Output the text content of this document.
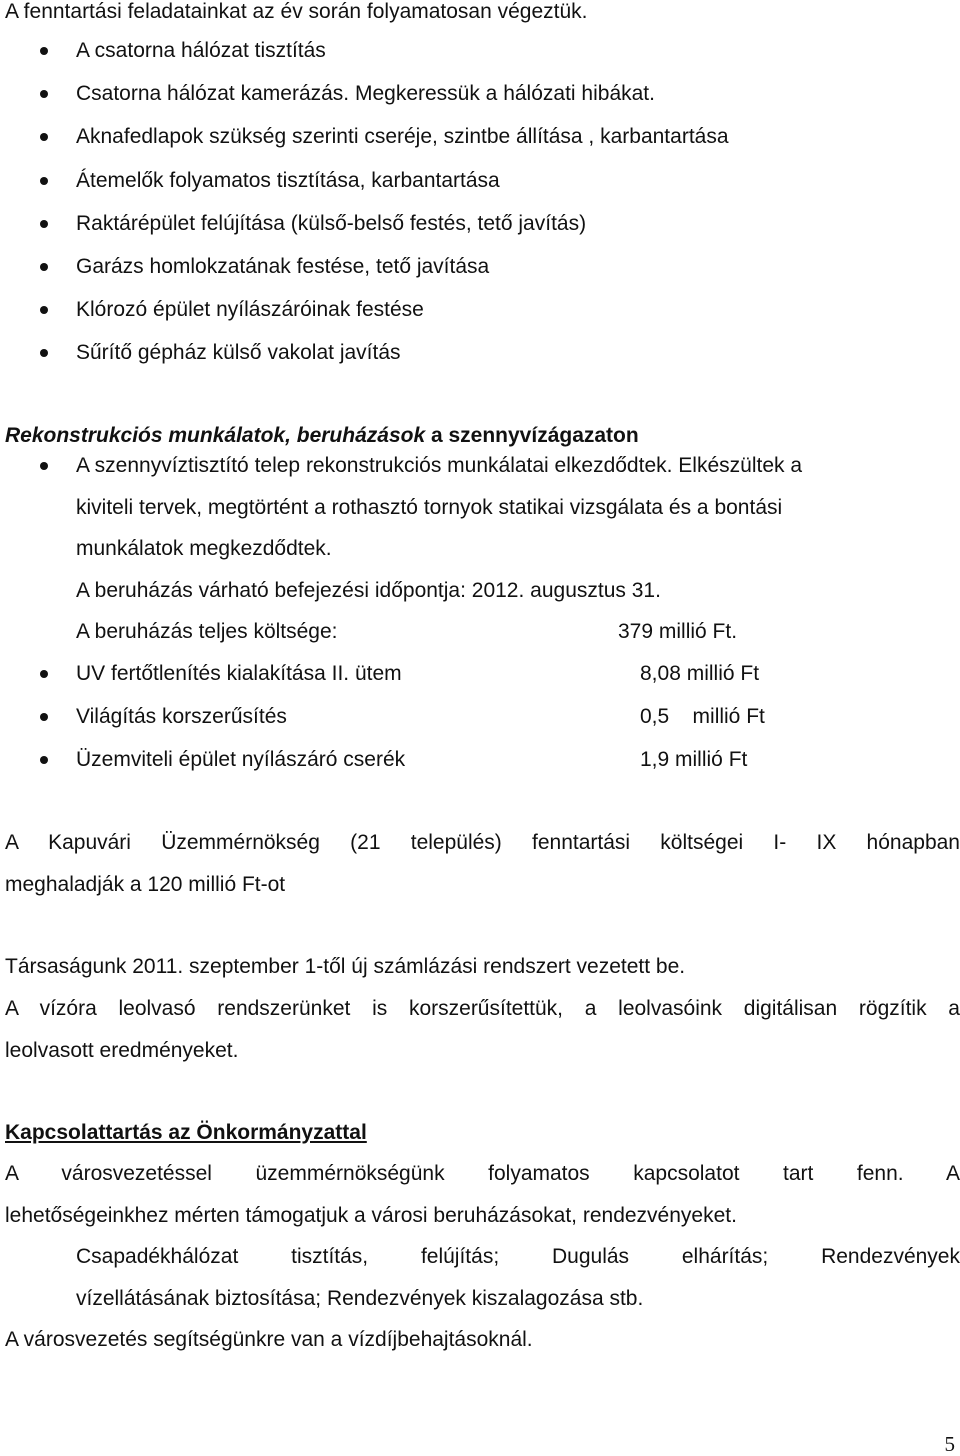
A fenntartási feladatainkat az év során folyamatosan végeztük.
A csatorna hálózat tisztítás
Csatorna hálózat kamerázás. Megkeressük a hálózati hibákat.
Aknafedlapok szükség szerinti cseréje, szintbe állítása , karbantartása
Átemelők folyamatos tisztítása, karbantartása
Raktárépület felújítása (külső-belső festés, tető javítás)
Garázs homlokzatának festése, tető javítása
Klórozó épület nyílászáróinak festése
Sűrítő gépház külső vakolat javítás
Rekonstrukciós munkálatok, beruházások a szennyvízágazaton
A szennyvíztisztító telep rekonstrukciós munkálatai elkezdődtek. Elkészültek a
kiviteli tervek, megtörtént a rothasztó tornyok statikai vizsgálata és a bontási
munkálatok megkezdődtek.
A beruházás várható befejezési időpontja: 2012. augusztus 31.
A beruházás teljes költsége:	379 millió Ft.
UV fertőtlenítés kialakítása II. ütem	8,08 millió Ft
Világítás korszerűsítés	0,5    millió Ft
Üzemviteli épület nyílászáró cserék	1,9 millió Ft
A Kapuvári Üzemmérnökség (21 település) fenntartási költségei I- IX hónapban
meghaladják a 120 millió Ft-ot
Társaságunk 2011. szeptember 1-től új számlázási rendszert vezetett be.
A vízóra leolvasó rendszerünket is korszerűsítettük, a leolvasóink digitálisan rögzítik a
leolvasott eredményeket.
Kapcsolattartás az Önkormányzattal
A városvezetéssel üzemmérnökségünk folyamatos kapcsolatot tart fenn. A
lehetőségeinkhez mérten támogatjuk a városi beruházásokat, rendezvényeket.
Csapadékhálózat tisztítás, felújítás; Dugulás elhárítás; Rendezvények
vízellátásának biztosítása; Rendezvények kiszalagozása stb.
A városvezetés segítségünkre van a vízdíjbehajtásoknál.
5
